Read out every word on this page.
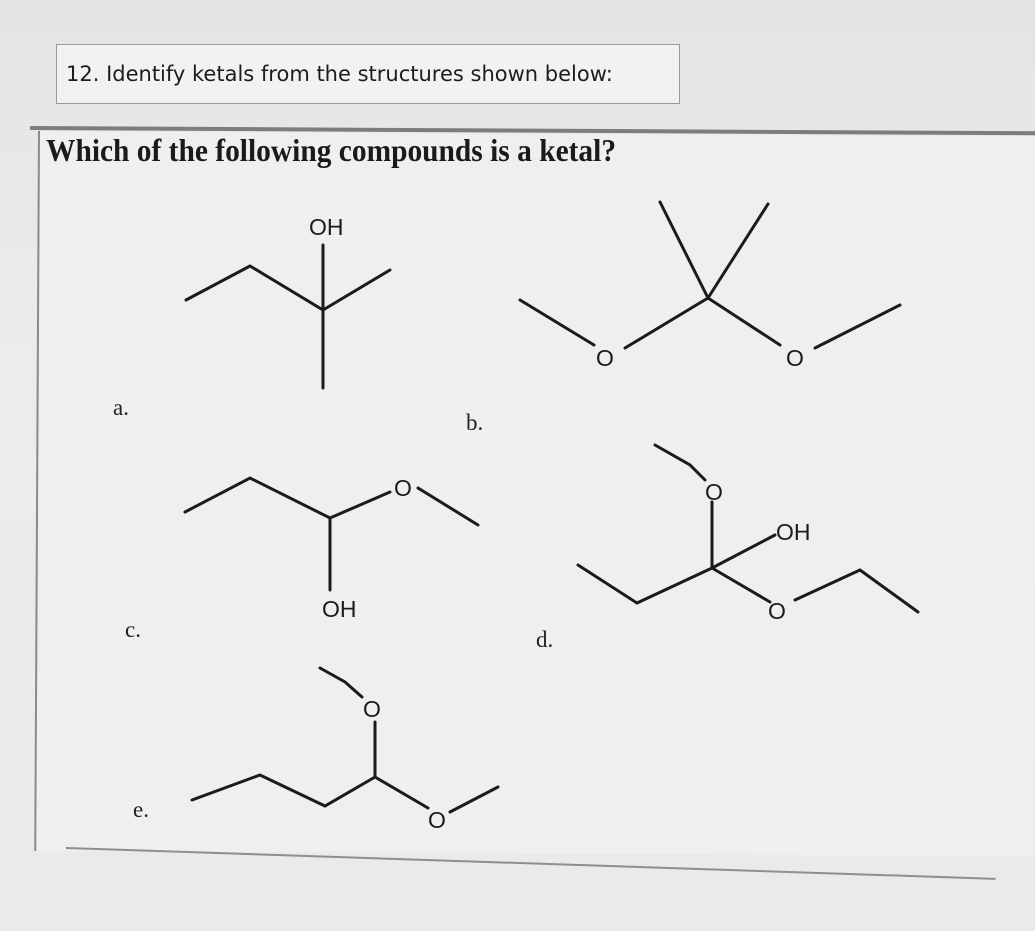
12. Identify ketals from the structures shown below:
Which of the following compounds is a ketal?
OH
a.
O	O
b.
O
OH
c.
O
OH
O
d.
O
O
e.
